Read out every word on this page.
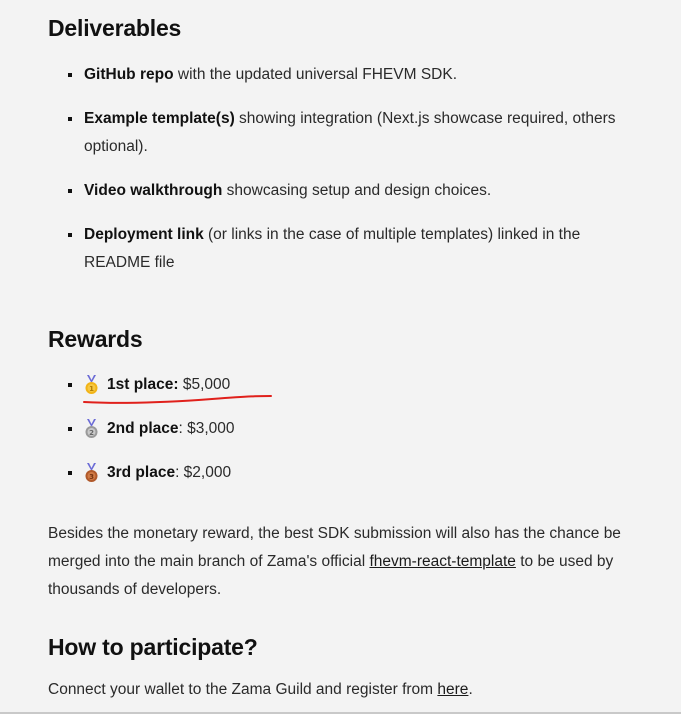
Deliverables
GitHub repo with the updated universal FHEVM SDK.
Example template(s) showing integration (Next.js showcase required, others optional).
Video walkthrough showcasing setup and design choices.
Deployment link (or links in the case of multiple templates) linked in the README file
Rewards
1 1st place: $5,000
2 2nd place: $3,000
3 3rd place: $2,000

Besides the monetary reward, the best SDK submission will also has the chance be merged into the main branch of Zama's official fhevm-react-template to be used by thousands of developers.

How to participate?

Connect your wallet to the Zama Guild and register from here.
